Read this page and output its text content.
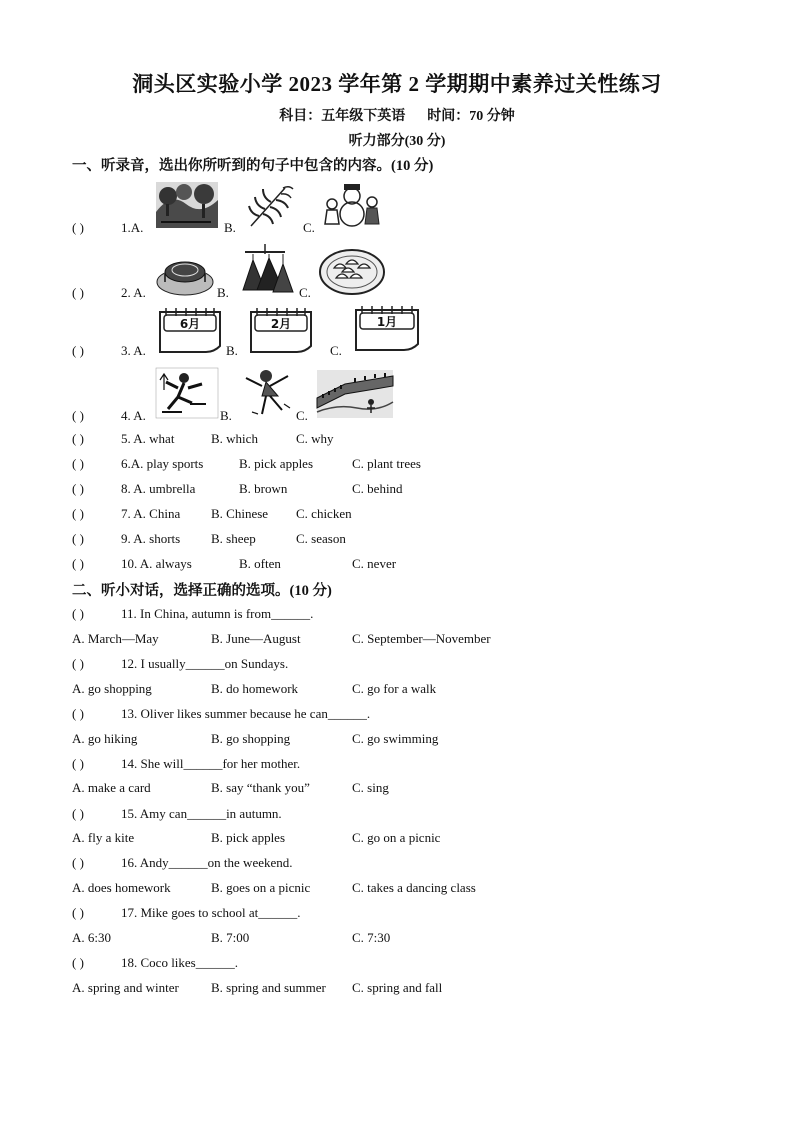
洞头区实验小学 2023 学年第 2 学期期中素养过关性练习
科目：五年级下英语 时间：70 分钟
听力部分(30 分)
一、听录音，选出你所听到的句子中包含的内容。(10 分)
( )	1.A.	B.	C.
( )	2. A.	B.	C.
( )	3. A.	B.	C.
6月	2月	1月
( )	4. A.	B.	C.
( )	5. A. what	B. which	C. why
( )	6.A. play sports	B. pick apples	C. plant trees
( )	8. A. umbrella	B. brown	C. behind
( )	7. A. China B. Chinese C. chicken
( )	9. A. shorts B. sheep	C. season
( )	10. A. always	B. often	C. never
二、听小对话，选择正确的选项。(10 分)
( )	11. In China, autumn is from______.
A. March—May	B. June—August	C. September—November
( )	12. I usually______on Sundays.
A. go shopping	B. do homework	C. go for a walk
( )	13. Oliver likes summer because he can______.
A. go hiking	B. go shopping	C. go swimming
( )	14. She will______for her mother.
A. make a card	B. say “thank you”	C. sing
( )	15. Amy can______in autumn.
A. fly a kite	B. pick apples	C. go on a picnic
( )	16. Andy______on the weekend.
A. does homework	B. goes on a picnic	C. takes a dancing class
( )	17. Mike goes to school at______.
A. 6:30	B. 7:00	C. 7:30
( )	18. Coco likes______.
A. spring and winter B. spring and summer C. spring and fall
